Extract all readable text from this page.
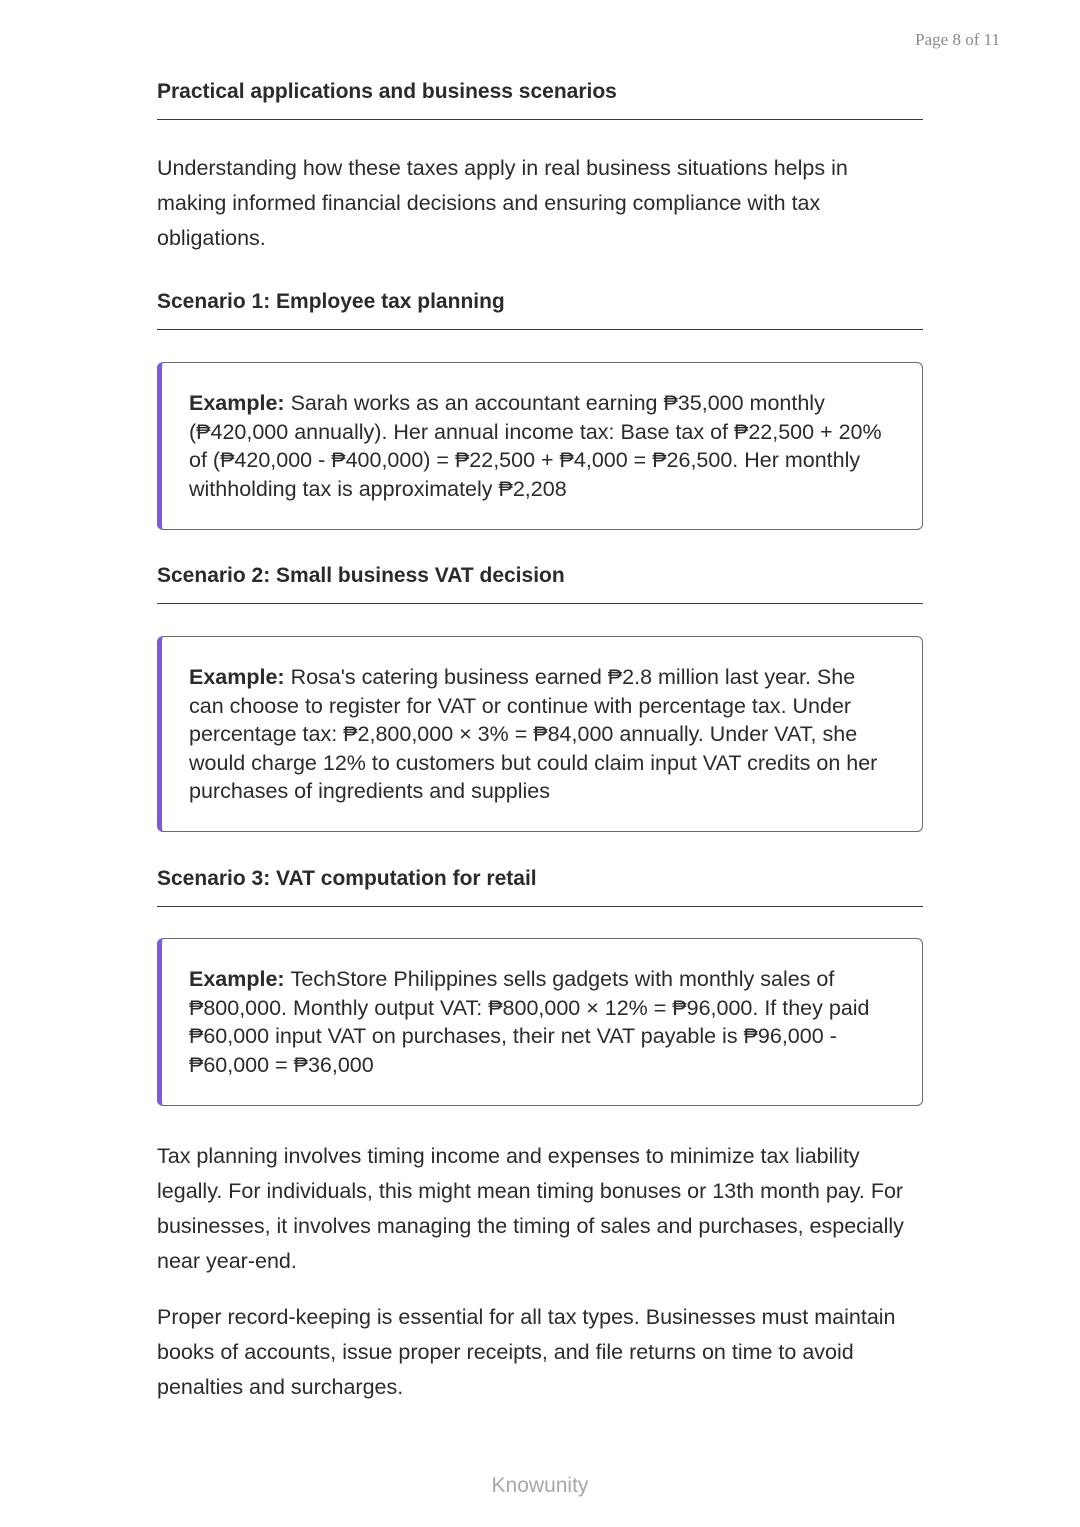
Page 8 of 11
Practical applications and business scenarios

Understanding how these taxes apply in real business situations helps in making informed financial decisions and ensuring compliance with tax obligations.

Scenario 1: Employee tax planning
Example: Sarah works as an accountant earning ₱35,000 monthly (₱420,000 annually). Her annual income tax: Base tax of ₱22,500 + 20% of (₱420,000 - ₱400,000) = ₱22,500 + ₱4,000 = ₱26,500. Her monthly withholding tax is approximately ₱2,208
Scenario 2: Small business VAT decision
Example: Rosa's catering business earned ₱2.8 million last year. She can choose to register for VAT or continue with percentage tax. Under percentage tax: ₱2,800,000 × 3% = ₱84,000 annually. Under VAT, she would charge 12% to customers but could claim input VAT credits on her purchases of ingredients and supplies
Scenario 3: VAT computation for retail
Example: TechStore Philippines sells gadgets with monthly sales of ₱800,000. Monthly output VAT: ₱800,000 × 12% = ₱96,000. If they paid ₱60,000 input VAT on purchases, their net VAT payable is ₱96,000 - ₱60,000 = ₱36,000

Tax planning involves timing income and expenses to minimize tax liability legally. For individuals, this might mean timing bonuses or 13th month pay. For businesses, it involves managing the timing of sales and purchases, especially near year-end.

Proper record-keeping is essential for all tax types. Businesses must maintain books of accounts, issue proper receipts, and file returns on time to avoid penalties and surcharges.

Knowunity
